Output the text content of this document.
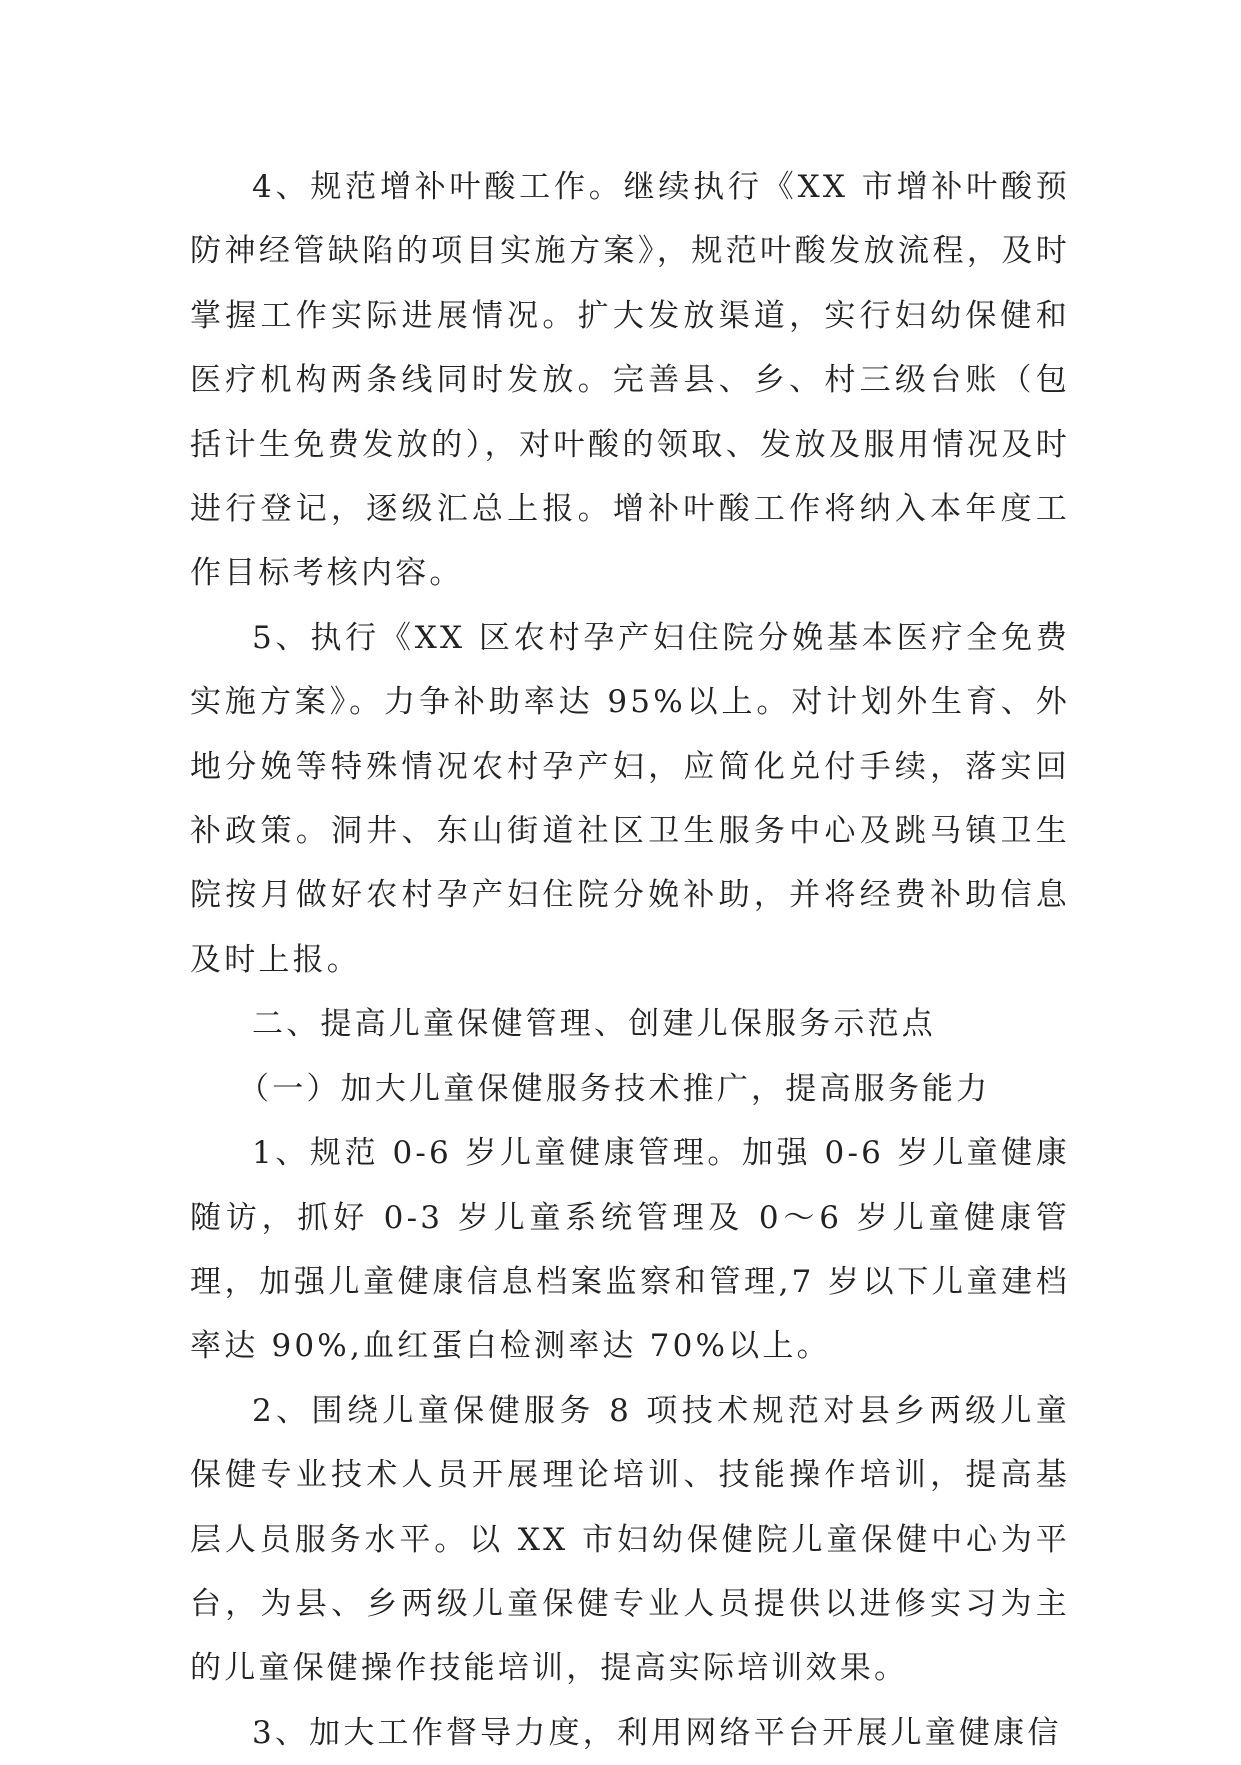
4、规范增补叶酸工作。继续执行《XX 市增补叶酸预防神经管缺陷的项目实施方案》，规范叶酸发放流程，及时掌握工作实际进展情况。扩大发放渠道，实行妇幼保健和医疗机构两条线同时发放。完善县、乡、村三级台账（包括计生免费发放的），对叶酸的领取、发放及服用情况及时进行登记，逐级汇总上报。增补叶酸工作将纳入本年度工作目标考核内容。

5、执行《XX 区农村孕产妇住院分娩基本医疗全免费实施方案》。力争补助率达 95%以上。对计划外生育、外地分娩等特殊情况农村孕产妇，应简化兑付手续，落实回补政策。洞井、东山街道社区卫生服务中心及跳马镇卫生院按月做好农村孕产妇住院分娩补助，并将经费补助信息及时上报。

二、提高儿童保健管理、创建儿保服务示范点

（一）加大儿童保健服务技术推广，提高服务能力

1、规范 0-6 岁儿童健康管理。加强 0-6 岁儿童健康随访，抓好 0-3 岁儿童系统管理及 0～6 岁儿童健康管理，加强儿童健康信息档案监察和管理,7 岁以下儿童建档率达 90%,血红蛋白检测率达 70%以上。

2、围绕儿童保健服务 8 项技术规范对县乡两级儿童保健专业技术人员开展理论培训、技能操作培训，提高基层人员服务水平。以 XX 市妇幼保健院儿童保健中心为平台，为县、乡两级儿童保健专业人员提供以进修实习为主的儿童保健操作技能培训，提高实际培训效果。

3、加大工作督导力度，利用网络平台开展儿童健康信
